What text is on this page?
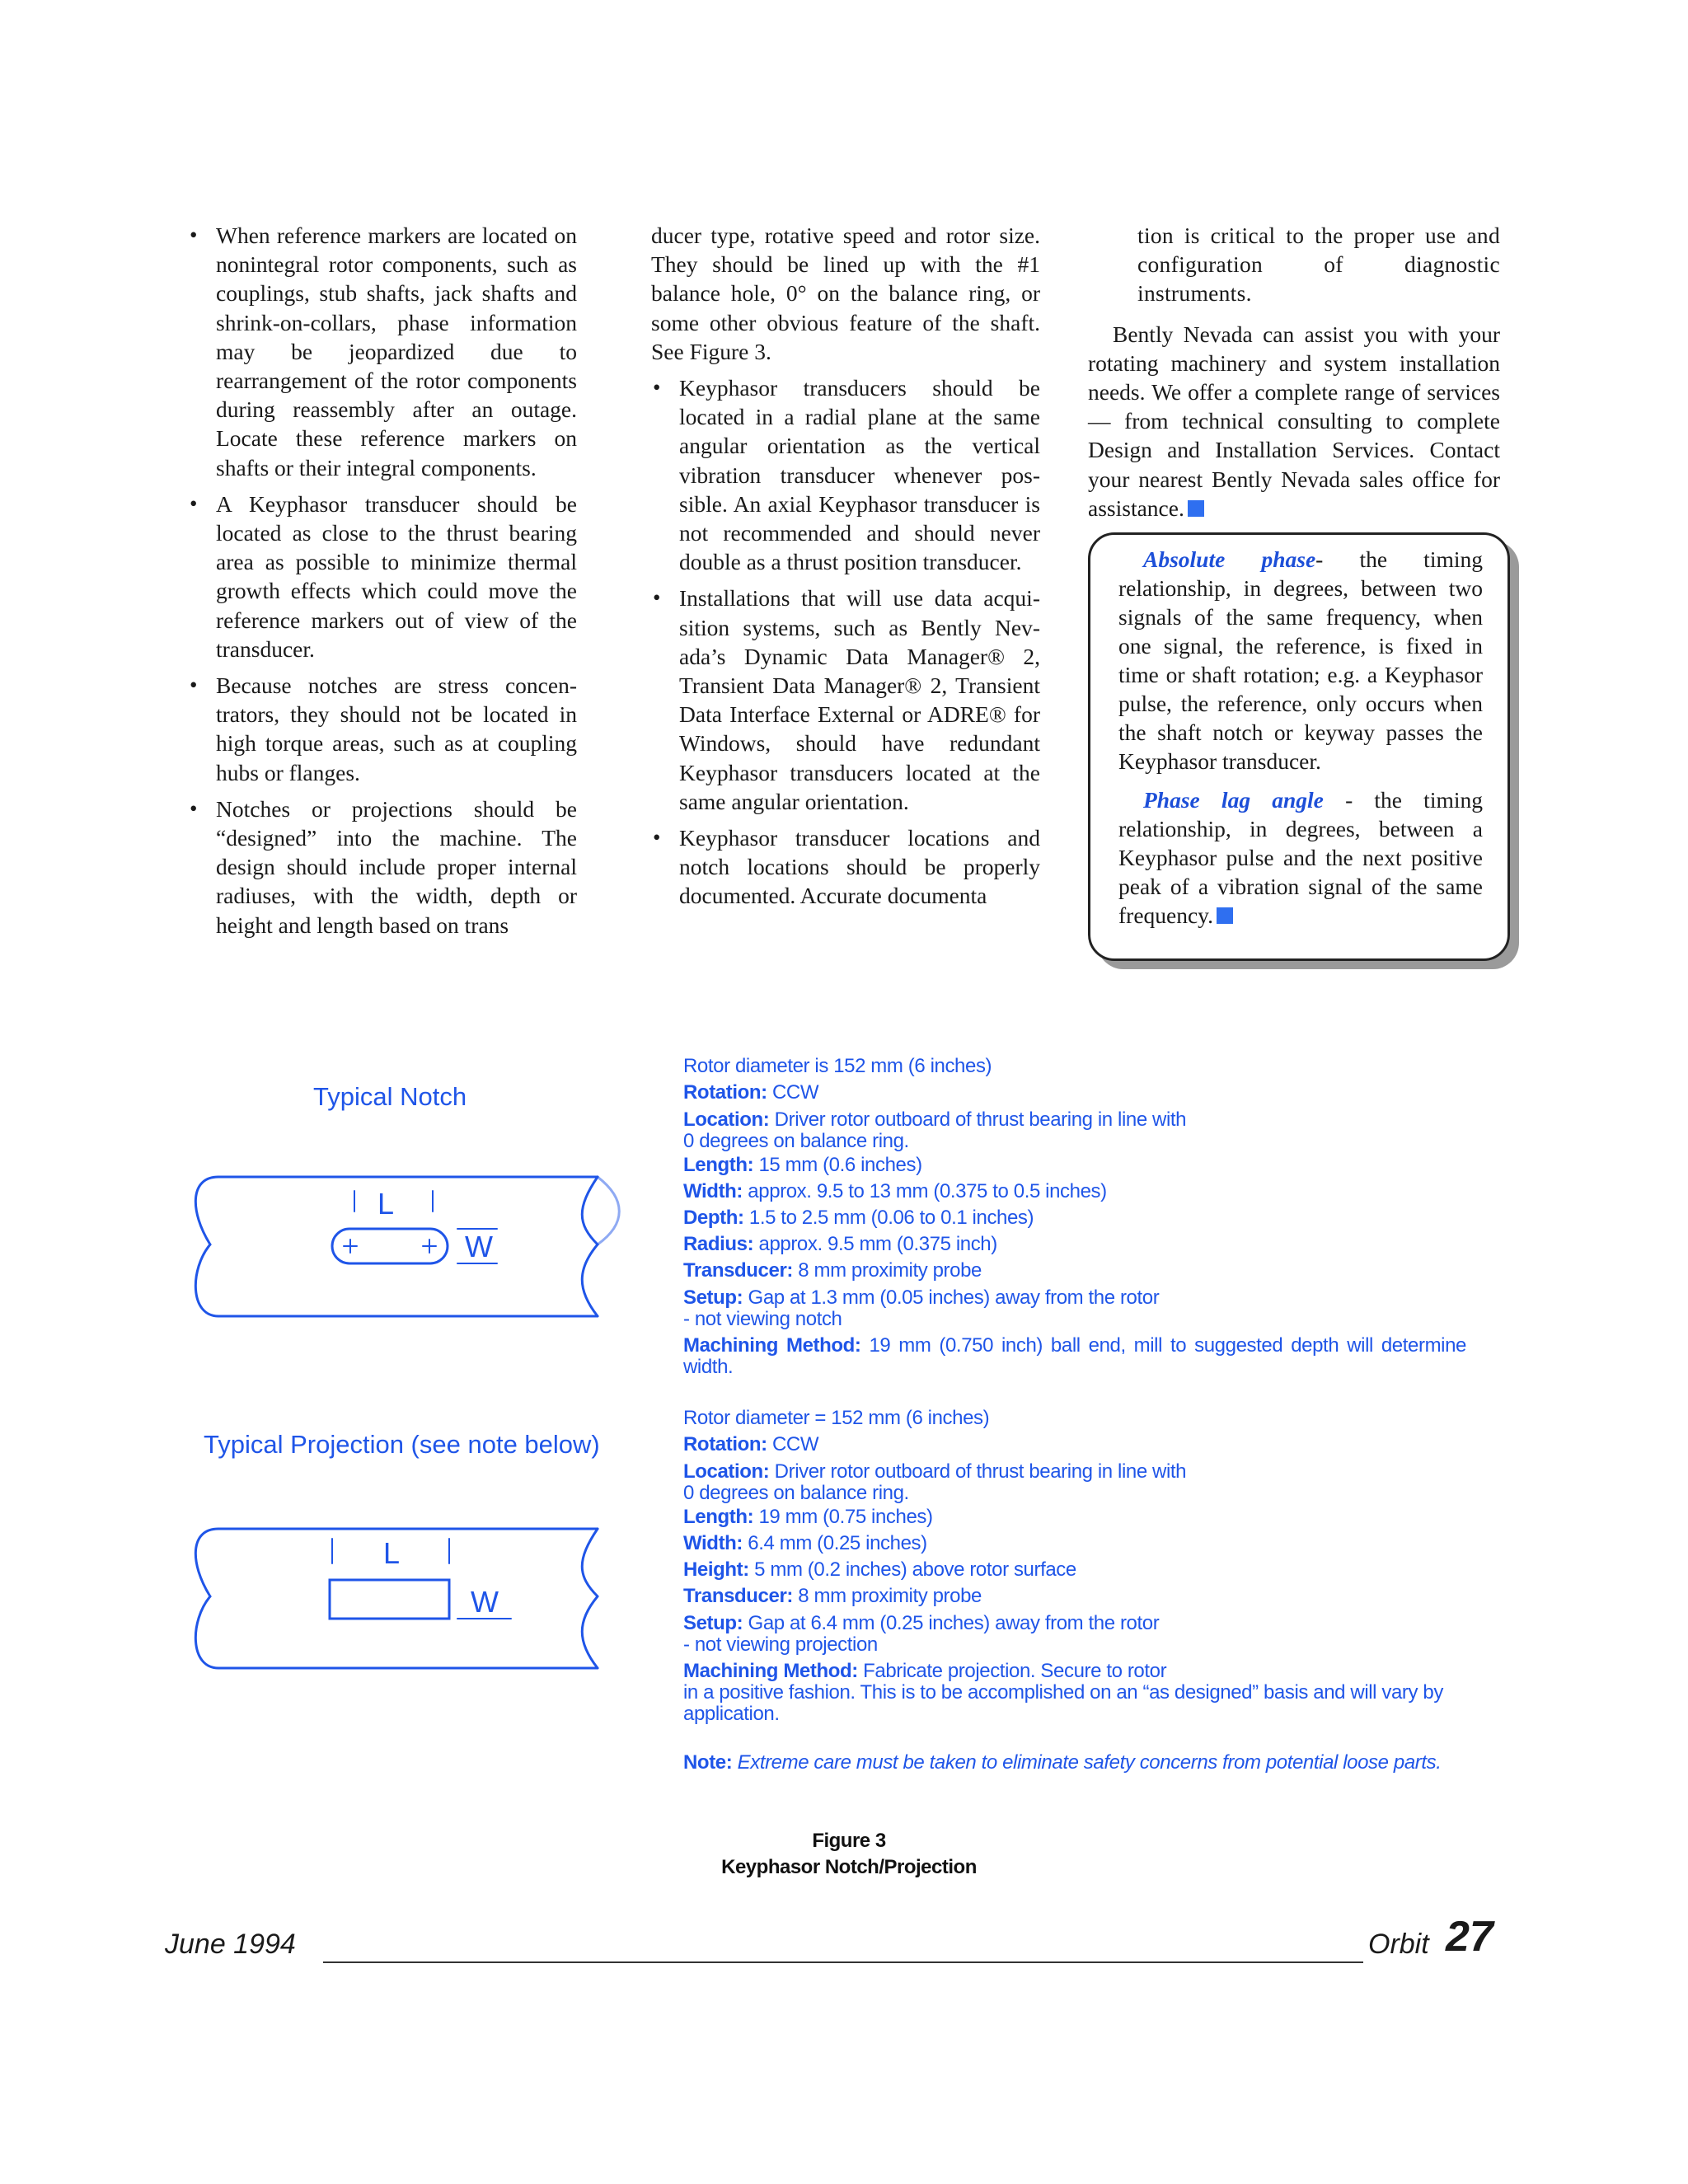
• When reference markers are located on nonintegral rotor components, such as couplings, stub shafts, jack shafts and shrink-on-collars, phase information may be jeopardized due to rearrangement of the rotor components during reassembly after an outage. Locate these reference markers on shafts or their integral components.
• A Keyphasor transducer should be located as close to the thrust bearing area as possible to minimize thermal growth effects which could move the reference markers out of view of the transducer.
• Because notches are stress concentrators, they should not be located in high torque areas, such as at coupling hubs or flanges.
• Notches or projections should be “designed” into the machine. The design should include proper internal radiuses, with the width, depth or height and length based on trans

ducer type, rotative speed and rotor size. They should be lined up with the #1 balance hole, 0° on the balance ring, or some other obvious feature of the shaft. See Figure 3.

• Keyphasor transducers should be located in a radial plane at the same angular orientation as the vertical vibration transducer whenever possible. An axial Keyphasor transducer is not recommended and should never double as a thrust position transducer.
• Installations that will use data acquisition systems, such as Bently Nevada’s Dynamic Data Manager® 2, Transient Data Manager® 2, Transient Data Interface External or ADRE® for Windows, should have redundant Keyphasor transducers located at the same angular orientation.
• Keyphasor transducer locations and notch locations should be properly documented. Accurate documenta

tion is critical to the proper use and configuration of diagnostic instruments.

Bently Nevada can assist you with your rotating machinery and system installation needs. We offer a complete range of services — from technical consulting to complete Design and Installation Services. Contact your nearest Bently Nevada sales office for assistance.

Absolute phase- the timing relationship, in degrees, between two signals of the same frequency, when one signal, the reference, is fixed in time or shaft rotation; e.g. a Keyphasor pulse, the reference, only occurs when the shaft notch or keyway passes the Keyphasor transducer.

Phase lag angle - the timing relationship, in degrees, between a Keyphasor pulse and the next positive peak of a vibration signal of the same frequency.

Typical Notch
L
W
Typical Projection (see note below)
L
W
Rotor diameter is 152 mm (6 inches)
Rotation: CCW
Location: Driver rotor outboard of thrust bearing in line with
0 degrees on balance ring.
Length: 15 mm (0.6 inches)
Width: approx. 9.5 to 13 mm (0.375 to 0.5 inches)
Depth: 1.5 to 2.5 mm (0.06 to 0.1 inches)
Radius: approx. 9.5 mm (0.375 inch)
Transducer: 8 mm proximity probe
Setup: Gap at 1.3 mm (0.05 inches) away from the rotor
- not viewing notch
Machining Method: 19 mm (0.750 inch) ball end, mill to suggested depth will determine width.
Rotor diameter = 152 mm (6 inches)
Rotation: CCW
Location: Driver rotor outboard of thrust bearing in line with
0 degrees on balance ring.
Length: 19 mm (0.75 inches)
Width: 6.4 mm (0.25 inches)
Height: 5 mm (0.2 inches) above rotor surface
Transducer: 8 mm proximity probe
Setup: Gap at 6.4 mm (0.25 inches) away from the rotor
- not viewing projection
Machining Method: Fabricate projection. Secure to rotor
in a positive fashion. This is to be accomplished on an “as designed” basis and will vary by application.
Note: Extreme care must be taken to eliminate safety concerns from potential loose parts.
Figure 3
Keyphasor Notch/Projection
June 1994	Orbit 27
